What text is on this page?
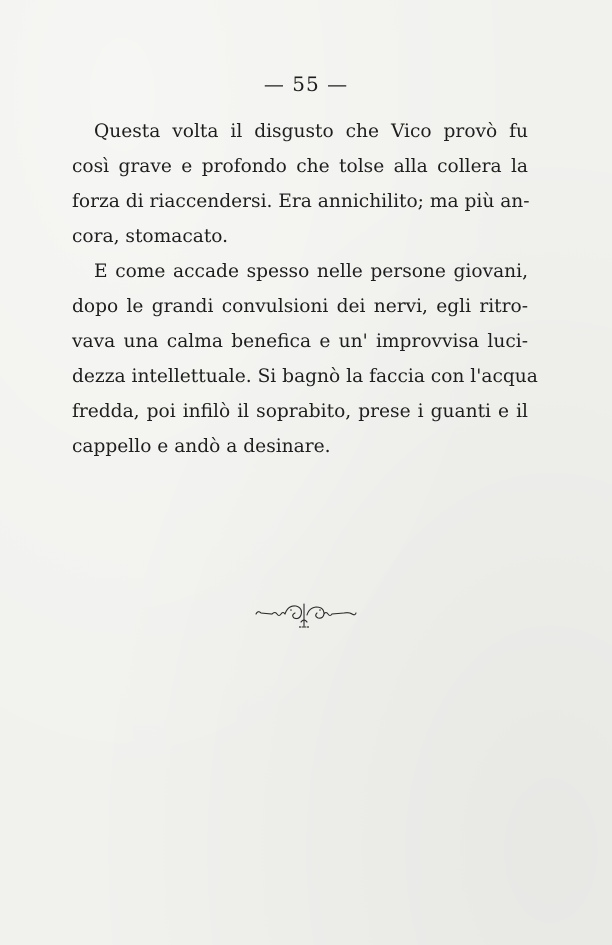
— 55 —
Questa volta il disgusto che Vico provò fu
così grave e profondo che tolse alla collera la
forza di riaccendersi. Era annichilito; ma più an-
cora, stomacato.
E come accade spesso nelle persone giovani,
dopo le grandi convulsioni dei nervi, egli ritro-
vava una calma benefica e un' improvvisa luci-
dezza intellettuale. Si bagnò la faccia con l'acqua
fredda, poi infilò il soprabito, prese i guanti e il
cappello e andò a desinare.
